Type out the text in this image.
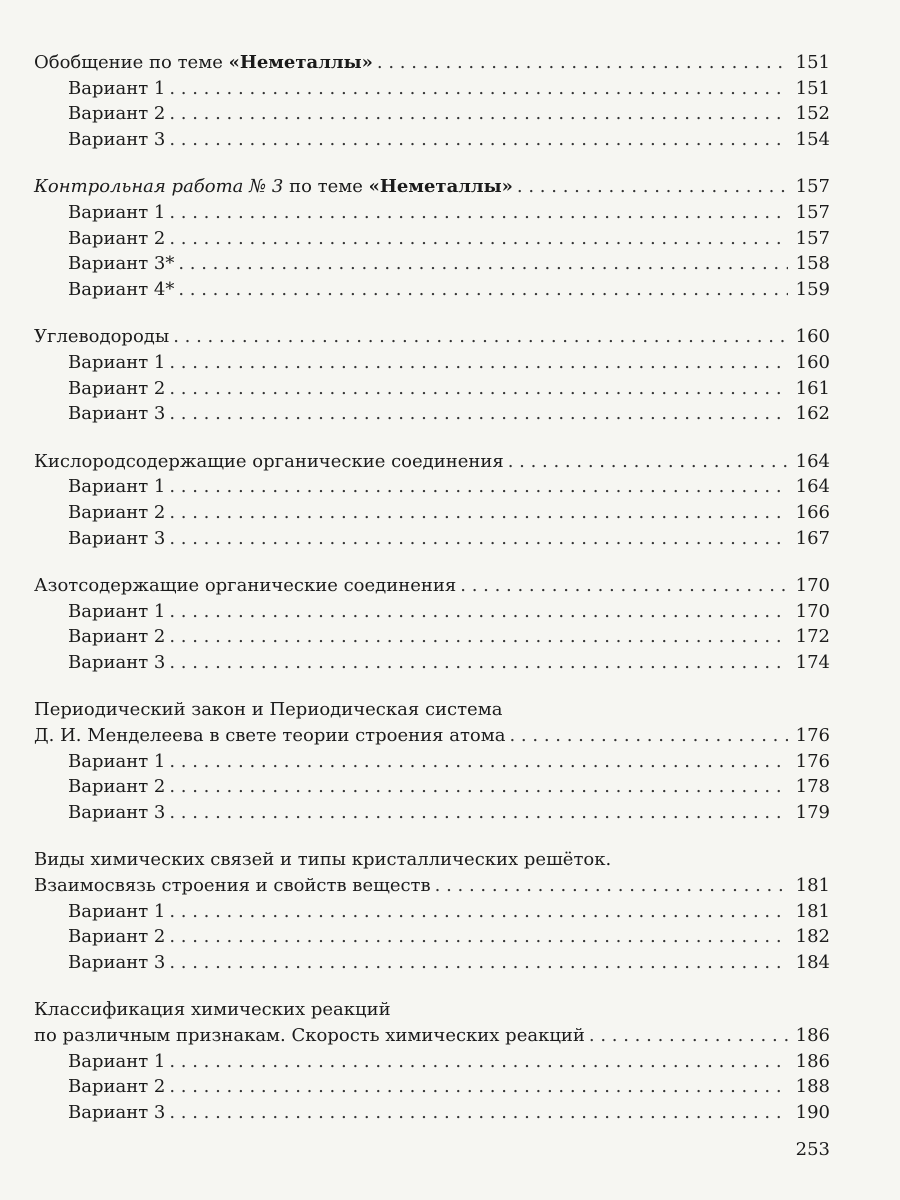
Обобщение по теме «Неметаллы» . . .	151
Вариант 1 . . .	151
Вариант 2 . . .	152
Вариант 3 . . .	154
Контрольная работа № 3 по теме «Неметаллы» . . .	157
Вариант 1 . . .	157
Вариант 2 . . .	157
Вариант 3* . . .	158
Вариант 4* . . .	159
Углеводороды . . .	160
Вариант 1 . . .	160
Вариант 2 . . .	161
Вариант 3 . . .	162
Кислородсодержащие органические соединения . . .	164
Вариант 1 . . .	164
Вариант 2 . . .	166
Вариант 3 . . .	167
Азотсодержащие органические соединения . . .	170
Вариант 1 . . .	170
Вариант 2 . . .	172
Вариант 3 . . .	174
Периодический закон и Периодическая система
Д. И. Менделеева в свете теории строения атома . . .	176
Вариант 1 . . .	176
Вариант 2 . . .	178
Вариант 3 . . .	179
Виды химических связей и типы кристаллических решёток.
Взаимосвязь строения и свойств веществ . . .	181
Вариант 1 . . .	181
Вариант 2 . . .	182
Вариант 3 . . .	184
Классификация химических реакций
по различным признакам. Скорость химических реакций . . .	186
Вариант 1 . . .	186
Вариант 2 . . .	188
Вариант 3 . . .	190
253
